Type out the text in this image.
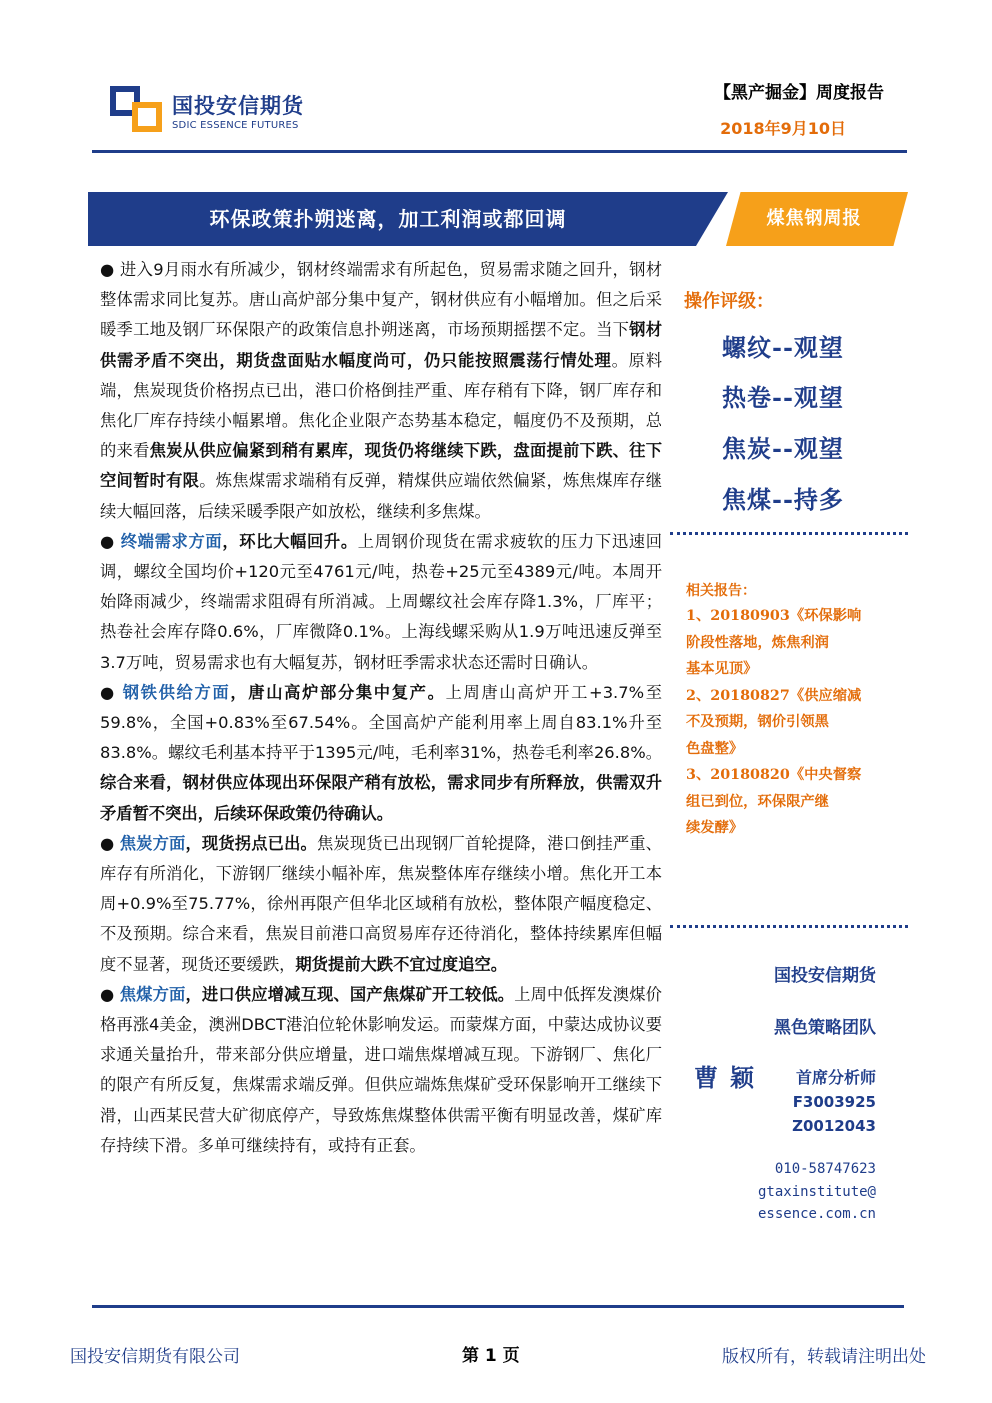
国投安信期货
SDIC ESSENCE FUTURES
【黑产掘金】周度报告
2018年9月10日
环保政策扑朔迷离，加工利润或都回调	煤焦钢周报

● 进入9月雨水有所减少，钢材终端需求有所起色，贸易需求随之回升，钢材整体需求同比复苏。唐山高炉部分集中复产，钢材供应有小幅增加。但之后采暖季工地及钢厂环保限产的政策信息扑朔迷离，市场预期摇摆不定。当下钢材供需矛盾不突出，期货盘面贴水幅度尚可，仍只能按照震荡行情处理。原料端，焦炭现货价格拐点已出，港口价格倒挂严重、库存稍有下降，钢厂库存和焦化厂库存持续小幅累增。焦化企业限产态势基本稳定，幅度仍不及预期，总的来看焦炭从供应偏紧到稍有累库，现货仍将继续下跌，盘面提前下跌、往下空间暂时有限。炼焦煤需求端稍有反弹，精煤供应端依然偏紧，炼焦煤库存继续大幅回落，后续采暖季限产如放松，继续利多焦煤。

● 终端需求方面，环比大幅回升。上周钢价现货在需求疲软的压力下迅速回调，螺纹全国均价+120元至4761元/吨，热卷+25元至4389元/吨。本周开始降雨减少，终端需求阻碍有所消减。上周螺纹社会库存降1.3%，厂库平；热卷社会库存降0.6%，厂库微降0.1%。上海线螺采购从1.9万吨迅速反弹至3.7万吨，贸易需求也有大幅复苏，钢材旺季需求状态还需时日确认。

● 钢铁供给方面，唐山高炉部分集中复产。上周唐山高炉开工+3.7%至59.8%，全国+0.83%至67.54%。全国高炉产能利用率上周自83.1%升至83.8%。螺纹毛利基本持平于1395元/吨，毛利率31%，热卷毛利率26.8%。综合来看，钢材供应体现出环保限产稍有放松，需求同步有所释放，供需双升矛盾暂不突出，后续环保政策仍待确认。

● 焦炭方面，现货拐点已出。焦炭现货已出现钢厂首轮提降，港口倒挂严重、库存有所消化，下游钢厂继续小幅补库，焦炭整体库存继续小增。焦化开工本周+0.9%至75.77%，徐州再限产但华北区域稍有放松，整体限产幅度稳定、不及预期。综合来看，焦炭目前港口高贸易库存还待消化，整体持续累库但幅度不显著，现货还要缓跌，期货提前大跌不宜过度追空。

● 焦煤方面，进口供应增减互现、国产焦煤矿开工较低。上周中低挥发澳煤价格再涨4美金，澳洲DBCT港泊位轮休影响发运。而蒙煤方面，中蒙达成协议要求通关量抬升，带来部分供应增量，进口端焦煤增减互现。下游钢厂、焦化厂的限产有所反复，焦煤需求端反弹。但供应端炼焦煤矿受环保影响开工继续下滑，山西某民营大矿彻底停产，导致炼焦煤整体供需平衡有明显改善，煤矿库存持续下滑。多单可继续持有，或持有正套。

操作评级：
螺纹--观望
热卷--观望
焦炭--观望
焦煤--持多
相关报告：
1、20180903《环保影响
阶段性落地，炼焦利润
基本见顶》
2、20180827《供应缩减
不及预期，钢价引领黑
色盘整》
3、20180820《中央督察
组已到位，环保限产继
续发酵》
国投安信期货
黑色策略团队
曹颖 首席分析师
F3003925
Z0012043
010-58747623
gtaxinstitute@
essence.com.cn
国投安信期货有限公司	第 1 页	版权所有，转载请注明出处
